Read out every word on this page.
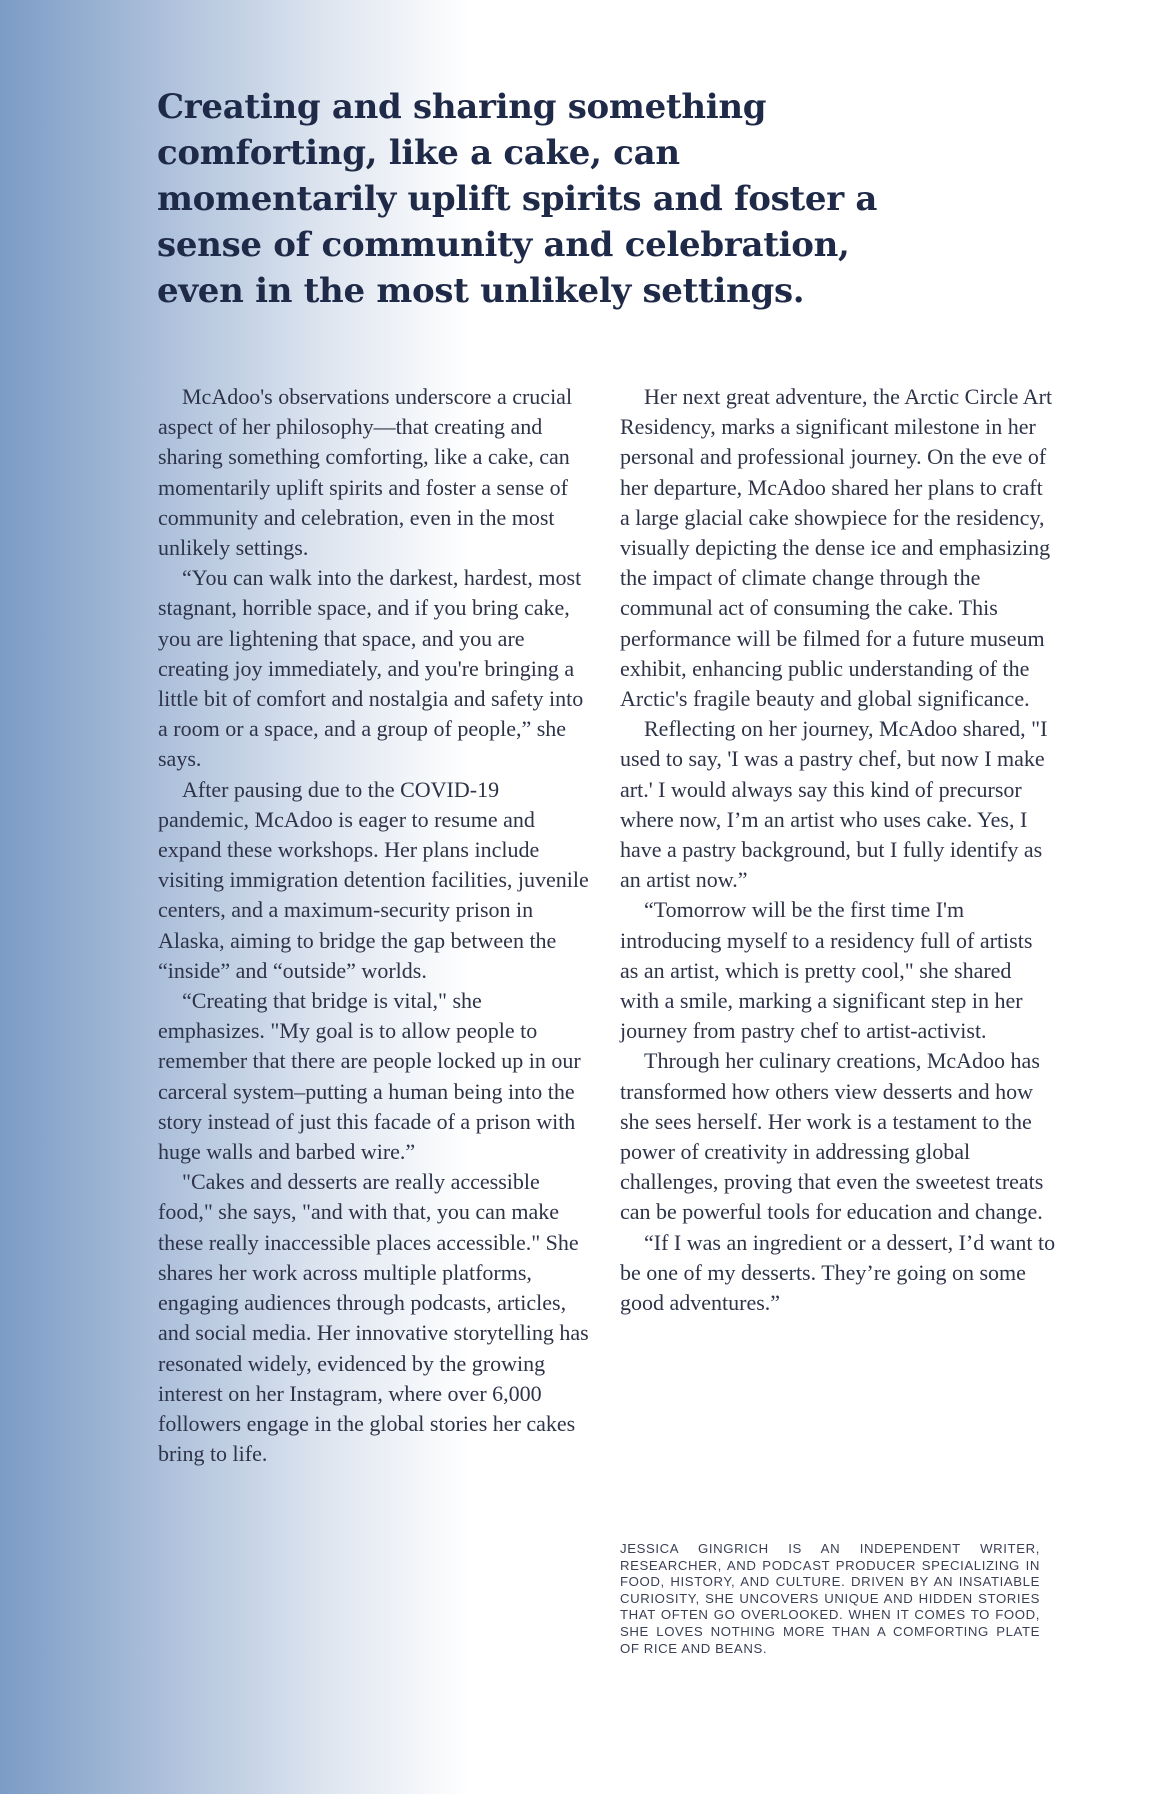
Creating and sharing something comforting, like a cake, can momentarily uplift spirits and foster a sense of community and celebration, even in the most unlikely settings.

McAdoo's observations underscore a crucial aspect of her philosophy—that creating and sharing something comforting, like a cake, can momentarily uplift spirits and foster a sense of community and celebration, even in the most unlikely settings.

“You can walk into the darkest, hardest, most stagnant, horrible space, and if you bring cake, you are lightening that space, and you are creating joy immediately, and you're bringing a little bit of comfort and nostalgia and safety into a room or a space, and a group of people,” she says.

After pausing due to the COVID-19 pandemic, McAdoo is eager to resume and expand these workshops. Her plans include visiting immigration detention facilities, juvenile centers, and a maximum-security prison in Alaska, aiming to bridge the gap between the “inside” and “outside” worlds.

“Creating that bridge is vital," she emphasizes. "My goal is to allow people to remember that there are people locked up in our carceral system–putting a human being into the story instead of just this facade of a prison with huge walls and barbed wire.”

"Cakes and desserts are really accessible food," she says, "and with that, you can make these really inaccessible places accessible." She shares her work across multiple platforms, engaging audiences through podcasts, articles, and social media. Her innovative storytelling has resonated widely, evidenced by the growing interest on her Instagram, where over 6,000 followers engage in the global stories her cakes bring to life.

Her next great adventure, the Arctic Circle Art Residency, marks a significant milestone in her personal and professional journey. On the eve of her departure, McAdoo shared her plans to craft a large glacial cake showpiece for the residency, visually depicting the dense ice and emphasizing the impact of climate change through the communal act of consuming the cake. This performance will be filmed for a future museum exhibit, enhancing public understanding of the Arctic's fragile beauty and global significance.

Reflecting on her journey, McAdoo shared, "I used to say, 'I was a pastry chef, but now I make art.' I would always say this kind of precursor where now, I’m an artist who uses cake. Yes, I have a pastry background, but I fully identify as an artist now.”

“Tomorrow will be the first time I'm introducing myself to a residency full of artists as an artist, which is pretty cool," she shared with a smile, marking a significant step in her journey from pastry chef to artist-activist.

Through her culinary creations, McAdoo has transformed how others view desserts and how she sees herself. Her work is a testament to the power of creativity in addressing global challenges, proving that even the sweetest treats can be powerful tools for education and change.

“If I was an ingredient or a dessert, I’d want to be one of my desserts. They’re going on some good adventures.”

JESSICA GINGRICH IS AN INDEPENDENT WRITER, RESEARCHER, AND PODCAST PRODUCER SPECIALIZING IN FOOD, HISTORY, AND CULTURE. DRIVEN BY AN INSATIABLE CURIOSITY, SHE UNCOVERS UNIQUE AND HIDDEN STORIES THAT OFTEN GO OVERLOOKED. WHEN IT COMES TO FOOD, SHE LOVES NOTHING MORE THAN A COMFORTING PLATE OF RICE AND BEANS.
